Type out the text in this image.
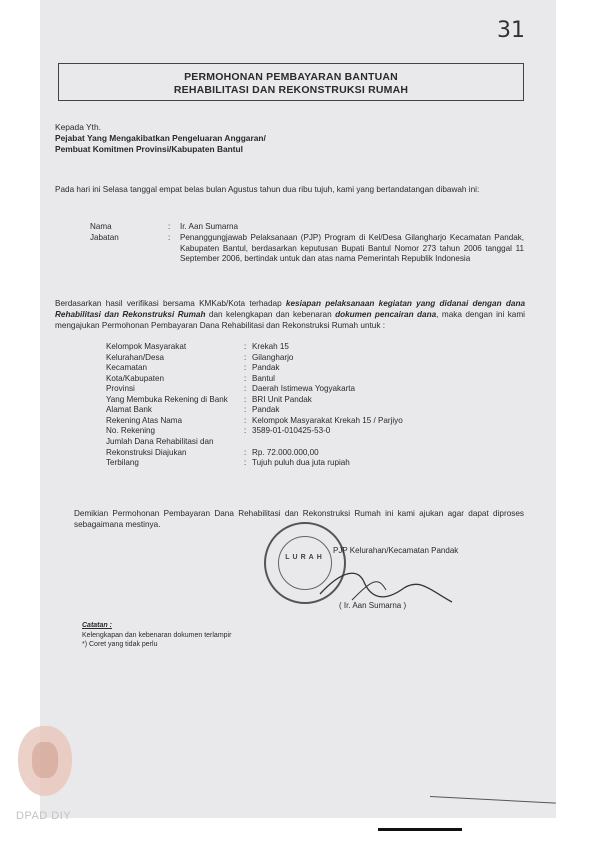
31
PERMOHONAN PEMBAYARAN BANTUAN
REHABILITASI DAN REKONSTRUKSI RUMAH
Kepada Yth.
Pejabat Yang Mengakibatkan Pengeluaran Anggaran/
Pembuat Komitmen Provinsi/Kabupaten Bantul
Pada hari ini Selasa tanggal empat belas bulan Agustus tahun dua ribu tujuh, kami yang bertandatangan dibawah ini:
Nama	: Ir. Aan Sumarna
Jabatan	: Penanggungjawab Pelaksanaan (PJP) Program di Kel/Desa Gilangharjo Kecamatan Pandak, Kabupaten Bantul, berdasarkan keputusan Bupati Bantul Nomor 273 tahun 2006 tanggal 11 September 2006, bertindak untuk dan atas nama Pemerintah Republik Indonesia
Berdasarkan hasil verifikasi bersama KMKab/Kota terhadap kesiapan pelaksanaan kegiatan yang didanai dengan dana Rehabilitasi dan Rekonstruksi Rumah dan kelengkapan dan kebenaran dokumen pencairan dana, maka dengan ini kami mengajukan Permohonan Pembayaran Dana Rehabilitasi dan Rekonstruksi Rumah untuk :
Kelompok Masyarakat	: Krekah 15
Kelurahan/Desa	: Gilangharjo
Kecamatan	: Pandak
Kota/Kabupaten	: Bantul
Provinsi	: Daerah Istimewa Yogyakarta
Yang Membuka Rekening di Bank : BRI Unit Pandak
Alamat Bank	: Pandak
Rekening Atas Nama	: Kelompok Masyarakat Krekah 15 / Parjiyo
No. Rekening	: 3589-01-010425-53-0
Jumlah Dana Rehabilitasi dan
Rekonstruksi Diajukan	: Rp. 72.000.000,00
Terbilang	: Tujuh puluh dua juta rupiah
Demikian Permohonan Pembayaran Dana Rehabilitasi dan Rekonstruksi Rumah ini kami ajukan agar dapat diproses sebagaimana mestinya.
LURAH
PJP Kelurahan/Kecamatan Pandak
( Ir. Aan Sumarna )
Catatan :
Kelengkapan dan kebenaran dokumen terlampir
*) Coret yang tidak perlu
DPAD DIY
